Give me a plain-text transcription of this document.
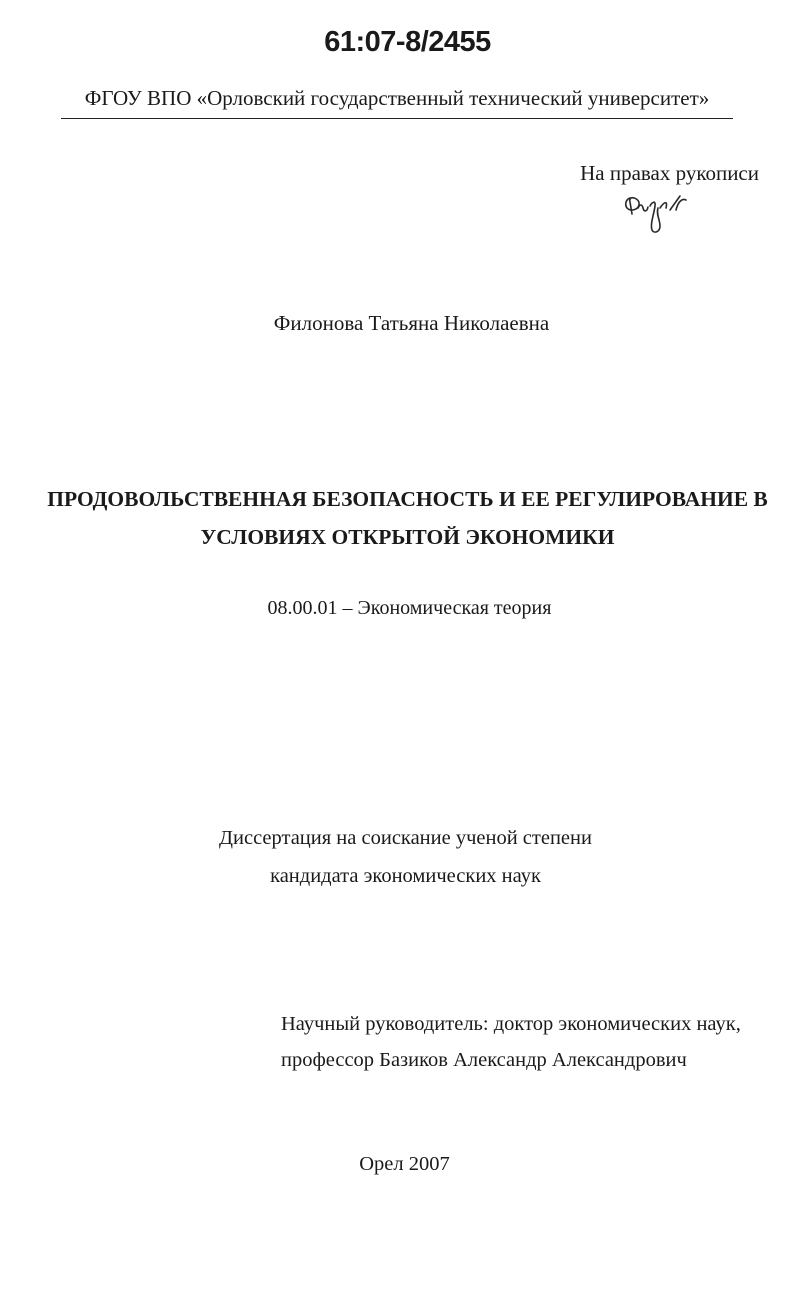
61:07-8/2455
ФГОУ ВПО «Орловский государственный технический университет»
На правах рукописи
Филонова Татьяна Николаевна
ПРОДОВОЛЬСТВЕННАЯ БЕЗОПАСНОСТЬ И ЕЕ РЕГУЛИРОВАНИЕ В
УСЛОВИЯХ ОТКРЫТОЙ ЭКОНОМИКИ
08.00.01 – Экономическая теория
Диссертация на соискание ученой степени
кандидата экономических наук
Научный руководитель: доктор экономических наук,
профессор Базиков Александр Александрович
Орел 2007
